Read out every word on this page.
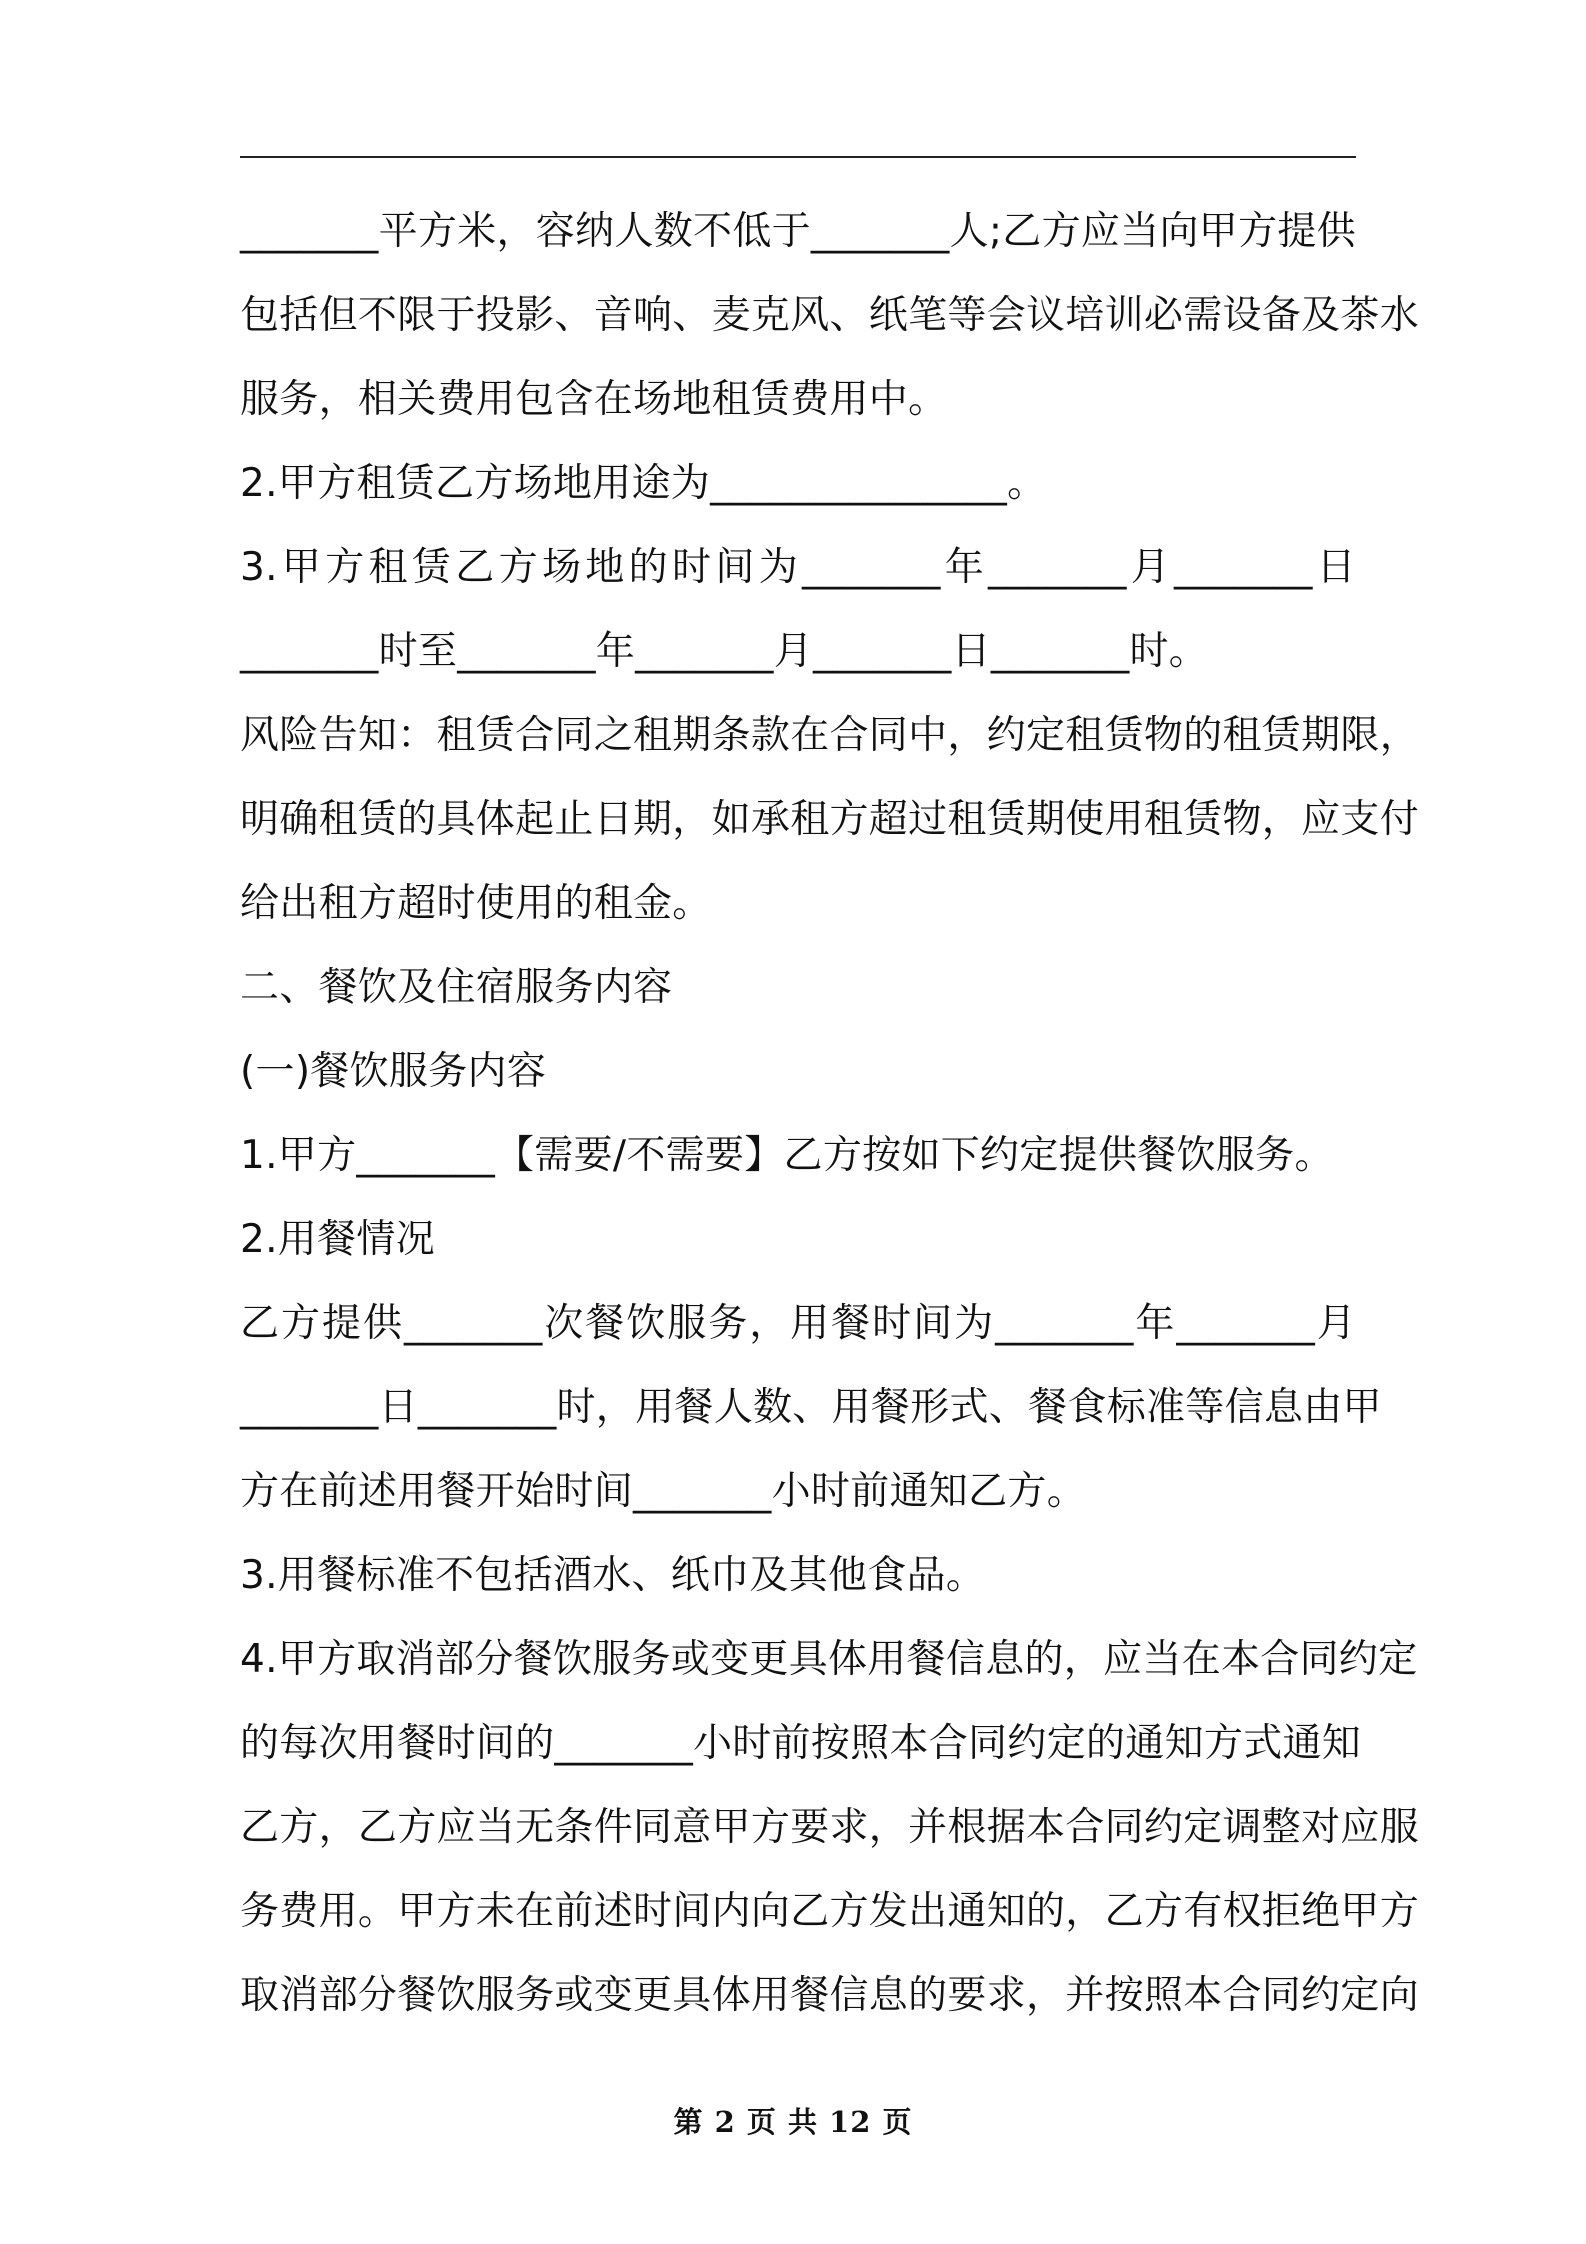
_______平方米，容纳人数不低于_______人;乙方应当向甲方提供
包括但不限于投影、音响、麦克风、纸笔等会议培训必需设备及茶水
服务，相关费用包含在场地租赁费用中。
2.甲方租赁乙方场地用途为_______________。
3.甲方租赁乙方场地的时间为_______年_______月_______日
_______时至_______年_______月_______日_______时。
风险告知：租赁合同之租期条款在合同中，约定租赁物的租赁期限，
明确租赁的具体起止日期，如承租方超过租赁期使用租赁物，应支付
给出租方超时使用的租金。
二、餐饮及住宿服务内容
(一)餐饮服务内容
1.甲方_______【需要/不需要】乙方按如下约定提供餐饮服务。
2.用餐情况
乙方提供_______次餐饮服务，用餐时间为_______年_______月
_______日_______时，用餐人数、用餐形式、餐食标准等信息由甲
方在前述用餐开始时间_______小时前通知乙方。
3.用餐标准不包括酒水、纸巾及其他食品。
4.甲方取消部分餐饮服务或变更具体用餐信息的，应当在本合同约定
的每次用餐时间的_______小时前按照本合同约定的通知方式通知
乙方，乙方应当无条件同意甲方要求，并根据本合同约定调整对应服
务费用。甲方未在前述时间内向乙方发出通知的，乙方有权拒绝甲方
取消部分餐饮服务或变更具体用餐信息的要求，并按照本合同约定向
第 2 页 共 12 页
